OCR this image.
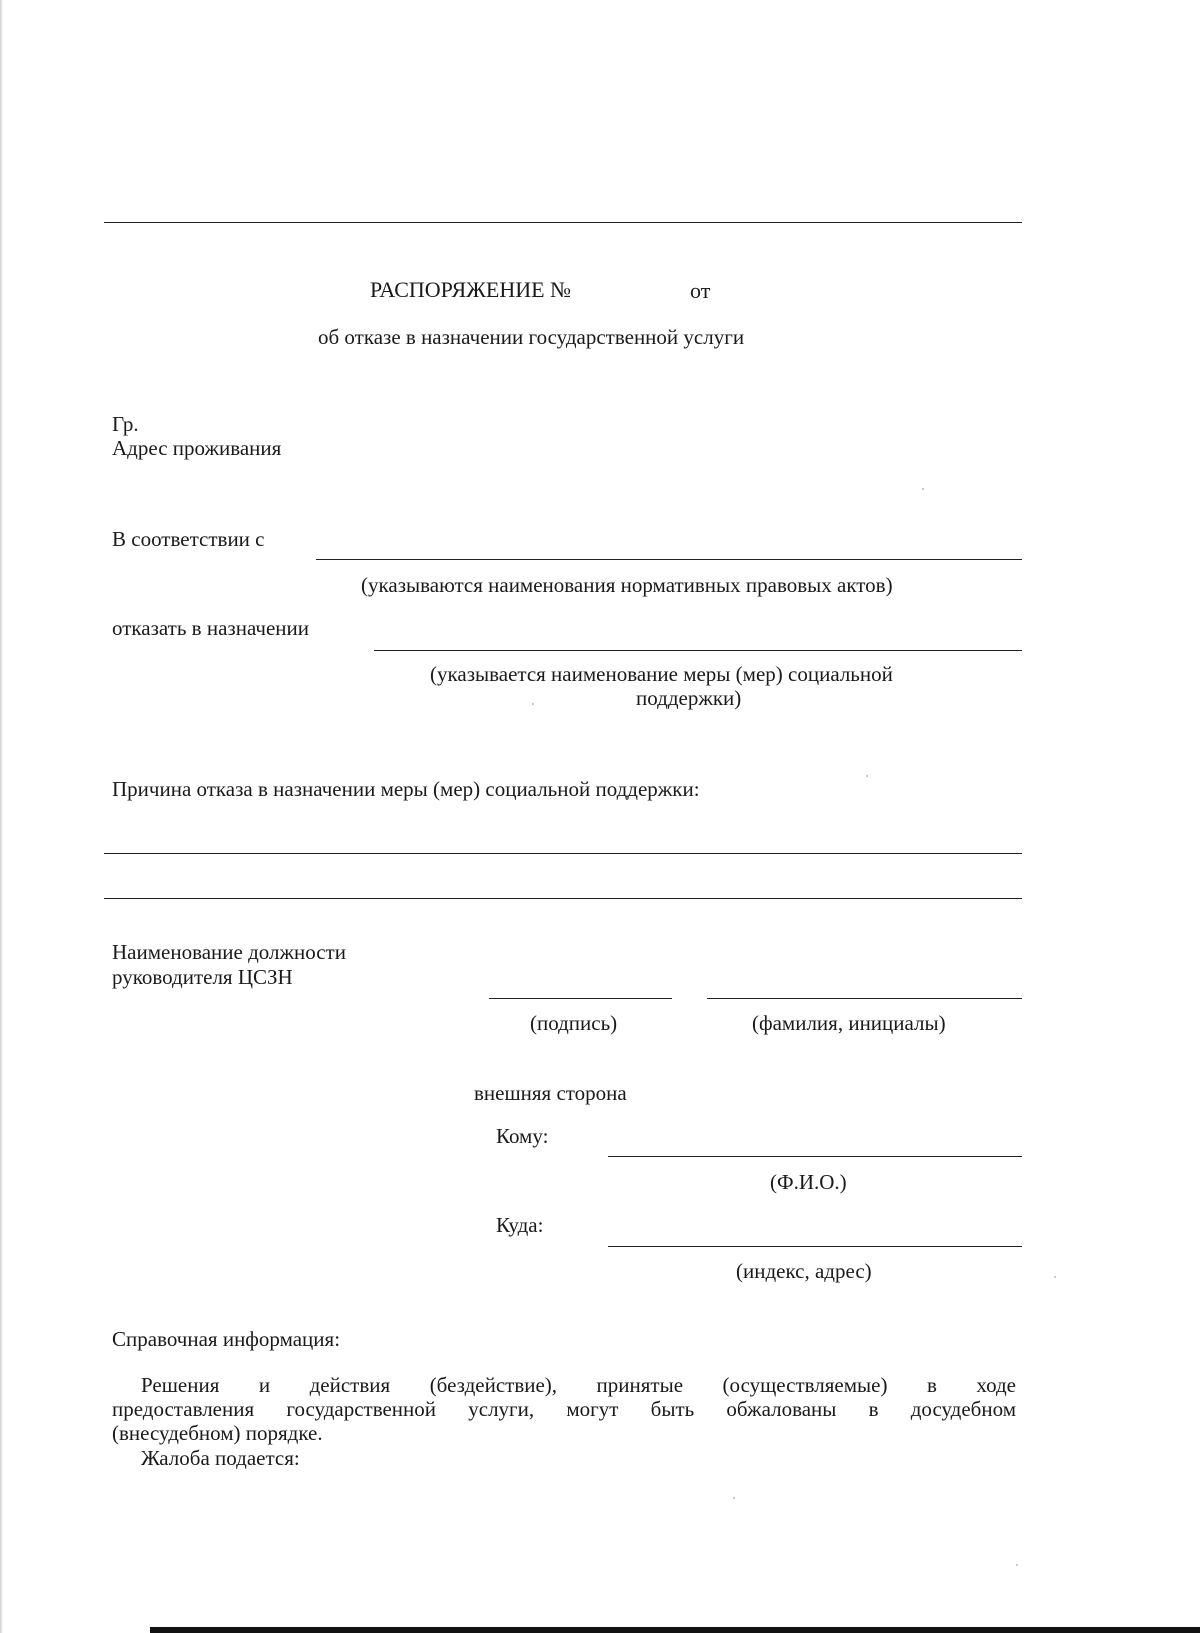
РАСПОРЯЖЕНИЕ №	от
об отказе в назначении государственной услуги
Гр.
Адрес проживания
В соответствии с
(указываются наименования нормативных правовых актов)
отказать в назначении
(указывается наименование меры (мер) социальной
поддержки)
Причина отказа в назначении меры (мер) социальной поддержки:
Наименование должности
руководителя ЦСЗН
(подпись)	(фамилия, инициалы)
внешняя сторона
Кому:
(Ф.И.О.)
Куда:
(индекс, адрес)
Справочная информация:
Решения и действия (бездействие), принятые (осуществляемые) в ходе
предоставления государственной услуги, могут быть обжалованы в досудебном
(внесудебном) порядке.
Жалоба подается:
